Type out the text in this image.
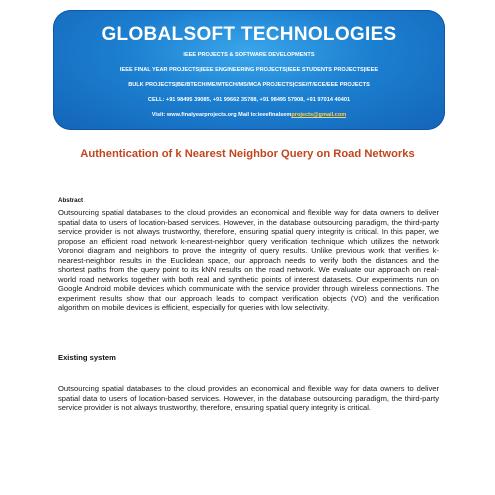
GLOBALSOFT TECHNOLOGIES
IEEE PROJECTS & SOFTWARE DEVELOPMENTS
IEEE FINAL YEAR PROJECTS|IEEE ENGINEERING PROJECTS|IEEE STUDENTS PROJECTS|IEEE
BULK PROJECTS|BE/BTECH/ME/MTECH/MS/MCA PROJECTS|CSE/IT/ECE/EEE PROJECTS
CELL: +91 98495 39085, +91 99662 35788, +91 98495 57908, +91 97014 40401
Visit: www.finalyearprojects.org Mail to:ieeefinalsemprojects@gmail.com
Authentication of k Nearest Neighbor Query on Road Networks
Abstract
Outsourcing spatial databases to the cloud provides an economical and flexible way for data owners to deliver spatial data to users of location-based services. However, in the database outsourcing paradigm, the third-party service provider is not always trustworthy, therefore, ensuring spatial query integrity is critical. In this paper, we propose an efficient road network k-nearest-neighbor query verification technique which utilizes the network Voronoi diagram and neighbors to prove the integrity of query results. Unlike previous work that verifies k-nearest-neighbor results in the Euclidean space, our approach needs to verify both the distances and the shortest paths from the query point to its kNN results on the road network. We evaluate our approach on real-world road networks together with both real and synthetic points of interest datasets. Our experiments run on Google Android mobile devices which communicate with the service provider through wireless connections. The experiment results show that our approach leads to compact verification objects (VO) and the verification algorithm on mobile devices is efficient, especially for queries with low selectivity.
Existing system
Outsourcing spatial databases to the cloud provides an economical and flexible way for data owners to deliver spatial data to users of location-based services. However, in the database outsourcing paradigm, the third-party service provider is not always trustworthy, therefore, ensuring spatial query integrity is critical.
